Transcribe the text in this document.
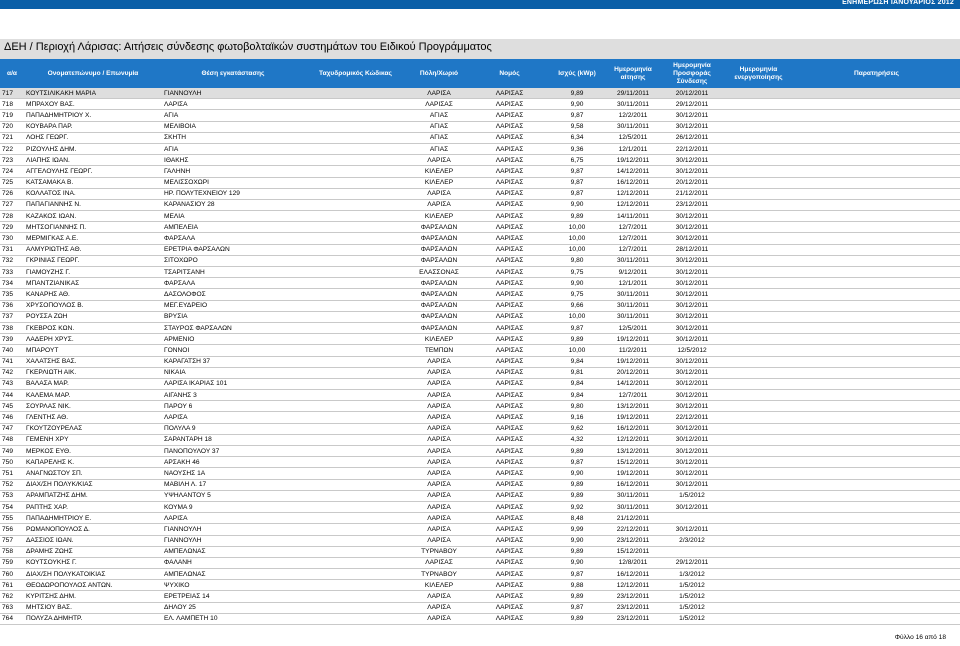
ΕΝΗΜΕΡΩΣΗ ΙΑΝΟΥΑΡΙΟΣ 2012
ΔΕΗ / Περιοχή Λάρισας: Αιτήσεις σύνδεσης φωτοβολταϊκών συστημάτων του Ειδικού Προγράμματος
α/α	Ονοματεπώνυμο / Επωνυμία	Θέση εγκατάστασης	Ταχυδρομικός Κώδικας	Πόλη/Χωριό	Νομός	Ισχύς (kWp)	Ημερομηνία αίτησης	Ημερομηνία Προσφοράς Σύνδεσης	Ημερομηνία ενεργοποίησης	Παρατηρήσεις
717	ΚΟΥΤΣΙΛΙΚΑΚΗ ΜΑΡΙΑ	ΓΙΑΝΝΟΥΛΗ		ΛΑΡΙΣΑ	ΛΑΡΙΣΑΣ	9,89	29/11/2011	20/12/2011		
718	ΜΠΡΑΧΟΥ ΒΑΣ.	ΛΑΡΙΣΑ		ΛΑΡΙΣΑΣ	ΛΑΡΙΣΑΣ	9,90	30/11/2011	29/12/2011		
719	ΠΑΠΑΔΗΜΗΤΡΙΟΥ Χ.	ΑΓΙΑ		ΑΓΙΑΣ	ΛΑΡΙΣΑΣ	9,87	12/2/2011	30/12/2011		
720	ΚΟΥΒΑΡΑ ΠΑΡ.	ΜΕΛΙΒΟΙΑ		ΑΓΙΑΣ	ΛΑΡΙΣΑΣ	9,58	30/11/2011	30/12/2011		
721	ΛΟΗΣ ΓΕΩΡΓ.	ΣΚΗΤΗ		ΑΓΙΑΣ	ΛΑΡΙΣΑΣ	6,34	12/5/2011	26/12/2011		
722	ΡΙΖΟΥΛΗΣ ΔΗΜ.	ΑΓΙΑ		ΑΓΙΑΣ	ΛΑΡΙΣΑΣ	9,36	12/1/2011	22/12/2011		
723	ΛΙΑΠΗΣ ΙΩΑΝ.	ΙΘΑΚΗΣ		ΛΑΡΙΣΑ	ΛΑΡΙΣΑΣ	6,75	19/12/2011	30/12/2011		
724	ΑΓΓΕΛΟΥΛΗΣ ΓΕΩΡΓ.	ΓΑΛΗΝΗ		ΚΙΛΕΛΕΡ	ΛΑΡΙΣΑΣ	9,87	14/12/2011	30/12/2011		
725	ΚΑΤΣΑΜΑΚΑ Β.	ΜΕΛΙΣΣΟΧΩΡΙ		ΚΙΛΕΛΕΡ	ΛΑΡΙΣΑΣ	9,87	16/12/2011	20/12/2011		
726	ΚΟΛΛΑΤΟΣ ΙΝΑ.	ΗΡ. ΠΟΛΥΤΕΧΝΕΙΟΥ 129		ΛΑΡΙΣΑ	ΛΑΡΙΣΑΣ	9,87	12/12/2011	21/12/2011		
727	ΠΑΠΑΓΙΑΝΝΗΣ Ν.	ΚΑΡΑΝΑΣΙΟΥ 28		ΛΑΡΙΣΑ	ΛΑΡΙΣΑΣ	9,90	12/12/2011	23/12/2011		
728	ΚΑΖΑΚΟΣ ΙΩΑΝ.	ΜΕΛΙΑ		ΚΙΛΕΛΕΡ	ΛΑΡΙΣΑΣ	9,89	14/11/2011	30/12/2011		
729	ΜΗΤΣΟΓΙΑΝΝΗΣ Π.	ΑΜΠΕΛΕΙΑ		ΦΑΡΣΑΛΩΝ	ΛΑΡΙΣΑΣ	10,00	12/7/2011	30/12/2011		
730	ΜΕΡΜΙΓΚΑΣ Α.Ε.	ΦΑΡΣΑΛΑ		ΦΑΡΣΑΛΩΝ	ΛΑΡΙΣΑΣ	10,00	12/7/2011	30/12/2011		
731	ΑΛΜΥΡΙΩΤΗΣ ΑΘ.	ΕΡΕΤΡΙΑ ΦΑΡΣΑΛΩΝ		ΦΑΡΣΑΛΩΝ	ΛΑΡΙΣΑΣ	10,00	12/7/2011	28/12/2011		
732	ΓΚΡΙΝΙΑΣ ΓΕΩΡΓ.	ΣΙΤΟΧΩΡΟ		ΦΑΡΣΑΛΩΝ	ΛΑΡΙΣΑΣ	9,80	30/11/2011	30/12/2011		
733	ΓΙΑΜΟΥΖΗΣ Γ.	ΤΣΑΡΙΤΣΑΝΗ		ΕΛΑΣΣΟΝΑΣ	ΛΑΡΙΣΑΣ	9,75	9/12/2011	30/12/2011		
734	ΜΠΑΝΤΖΙΑΝΙΚΑΣ	ΦΑΡΣΑΛΑ		ΦΑΡΣΑΛΩΝ	ΛΑΡΙΣΑΣ	9,90	12/1/2011	30/12/2011		
735	ΚΑΝΑΡΗΣ ΑΘ.	ΔΑΣΟΛΟΦΟΣ		ΦΑΡΣΑΛΩΝ	ΛΑΡΙΣΑΣ	9,75	30/11/2011	30/12/2011		
736	ΧΡΥΣΟΠΟΥΛΟΣ Β.	ΜΕΓ.ΕΥΔΡΕΙΟ		ΦΑΡΣΑΛΩΝ	ΛΑΡΙΣΑΣ	9,66	30/11/2011	30/12/2011		
737	ΡΟΥΣΣΑ ΖΩΗ	ΒΡΥΣΙΑ		ΦΑΡΣΑΛΩΝ	ΛΑΡΙΣΑΣ	10,00	30/11/2011	30/12/2011		
738	ΓΚΕΒΡΟΣ ΚΩΝ.	ΣΤΑΥΡΟΣ ΦΑΡΣΑΛΩΝ		ΦΑΡΣΑΛΩΝ	ΛΑΡΙΣΑΣ	9,87	12/5/2011	30/12/2011		
739	ΛΑΔΕΡΗ ΧΡΥΣ.	ΑΡΜΕΝΙΟ		ΚΙΛΕΛΕΡ	ΛΑΡΙΣΑΣ	9,89	19/12/2011	30/12/2011		
740	ΜΠΑΡΟΥΤ	ΓΟΝΝΟΙ		ΤΕΜΠΩΝ	ΛΑΡΙΣΑΣ	10,00	11/2/2011	12/5/2012		
741	ΧΑΛΑΤΣΗΣ ΒΑΣ.	ΚΑΡΑΓΑΤΣΗ 37		ΛΑΡΙΣΑ	ΛΑΡΙΣΑΣ	9,84	19/12/2011	30/12/2011		
742	ΓΚΕΡΛΙΩΤΗ ΑΙΚ.	ΝΙΚΑΙΑ		ΛΑΡΙΣΑ	ΛΑΡΙΣΑΣ	9,81	20/12/2011	30/12/2011		
743	ΒΑΛΑΣΑ ΜΑΡ.	ΛΑΡΙΣΑ ΙΚΑΡΙΑΣ 101		ΛΑΡΙΣΑ	ΛΑΡΙΣΑΣ	9,84	14/12/2011	30/12/2011		
744	ΚΑΛΕΜΑ ΜΑΡ.	ΑΙΓΑΝΗΣ 3		ΛΑΡΙΣΑ	ΛΑΡΙΣΑΣ	9,84	12/7/2011	30/12/2011		
745	ΣΟΥΡΛΑΣ ΝΙΚ.	ΠΑΡΟΥ 6		ΛΑΡΙΣΑ	ΛΑΡΙΣΑΣ	9,80	13/12/2011	30/12/2011		
746	ΓΛΕΝΤΗΣ ΑΘ.	ΛΑΡΙΣΑ		ΛΑΡΙΣΑ	ΛΑΡΙΣΑΣ	9,16	19/12/2011	22/12/2011		
747	ΓΚΟΥΤΖΟΥΡΕΛΑΣ	ΠΟΛΥΛΑ 9		ΛΑΡΙΣΑ	ΛΑΡΙΣΑΣ	9,62	16/12/2011	30/12/2011		
748	ΓΕΜΕΝΗ ΧΡΥ	ΣΑΡΑΝΤΑΡΗ 18		ΛΑΡΙΣΑ	ΛΑΡΙΣΑΣ	4,32	12/12/2011	30/12/2011		
749	ΜΕΡΚΟΣ ΕΥΘ.	ΠΑΝΟΠΟΥΛΟΥ 37		ΛΑΡΙΣΑ	ΛΑΡΙΣΑΣ	9,89	13/12/2011	30/12/2011		
750	ΚΑΠΑΡΕΛΗΣ Κ.	ΑΡΣΑΚΗ 46		ΛΑΡΙΣΑ	ΛΑΡΙΣΑΣ	9,87	15/12/2011	30/12/2011		
751	ΑΝΑΓΝΩΣΤΟΥ ΣΠ.	ΝΑΟΥΣΗΣ 1Α		ΛΑΡΙΣΑ	ΛΑΡΙΣΑΣ	9,90	19/12/2011	30/12/2011		
752	ΔΙΑΧ/ΣΗ ΠΟΛΥΚ/ΚΙΑΣ	ΜΑΒΙΛΗ Λ. 17		ΛΑΡΙΣΑ	ΛΑΡΙΣΑΣ	9,89	16/12/2011	30/12/2011		
753	ΑΡΑΜΠΑΤΖΗΣ ΔΗΜ.	ΥΨΗΛΑΝΤΟΥ 5		ΛΑΡΙΣΑ	ΛΑΡΙΣΑΣ	9,89	30/11/2011	1/5/2012		
754	ΡΑΠΤΗΣ ΧΑΡ.	ΚΟΥΜΑ 9		ΛΑΡΙΣΑ	ΛΑΡΙΣΑΣ	9,92	30/11/2011	30/12/2011		
755	ΠΑΠΑΔΗΜΗΤΡΙΟΥ Ε.	ΛΑΡΙΣΑ		ΛΑΡΙΣΑ	ΛΑΡΙΣΑΣ	8,48	21/12/2011			
756	ΡΩΜΑΝΟΠΟΥΛΟΣ Δ.	ΓΙΑΝΝΟΥΛΗ		ΛΑΡΙΣΑ	ΛΑΡΙΣΑΣ	9,99	22/12/2011	30/12/2011		
757	ΔΑΣΣΙΟΣ ΙΩΑΝ.	ΓΙΑΝΝΟΥΛΗ		ΛΑΡΙΣΑ	ΛΑΡΙΣΑΣ	9,90	23/12/2011	2/3/2012		
758	ΔΡΑΜΗΣ ΖΩΗΣ	ΑΜΠΕΛΩΝΑΣ		ΤΥΡΝΑΒΟΥ	ΛΑΡΙΣΑΣ	9,89	15/12/2011			
759	ΚΟΥΤΣΟΥΚΗΣ Γ.	ΦΑΛΑΝΗ		ΛΑΡΙΣΑΣ	ΛΑΡΙΣΑΣ	9,90	12/8/2011	29/12/2011		
760	ΔΙΑΧ/ΣΗ ΠΟΛΥΚΑΤΟΙΚΙΑΣ	ΑΜΠΕΛΩΝΑΣ		ΤΥΡΝΑΒΟΥ	ΛΑΡΙΣΑΣ	9,87	16/12/2011	1/3/2012		
761	ΘΕΟΔΩΡΟΠΟΥΛΟΣ ΑΝΤΩΝ.	ΨΥΧΙΚΟ		ΚΙΛΕΛΕΡ	ΛΑΡΙΣΑΣ	9,88	12/12/2011	1/5/2012		
762	ΚΥΡΙΤΣΗΣ ΔΗΜ.	ΕΡΕΤΡΕΙΑΣ 14		ΛΑΡΙΣΑ	ΛΑΡΙΣΑΣ	9,89	23/12/2011	1/5/2012		
763	ΜΗΤΣΙΟΥ ΒΑΣ.	ΔΗΛΟΥ 25		ΛΑΡΙΣΑ	ΛΑΡΙΣΑΣ	9,87	23/12/2011	1/5/2012		
764	ΠΟΛΥΖΑ ΔΗΜΗΤΡ.	ΕΛ. ΛΑΜΠΕΤΗ 10		ΛΑΡΙΣΑ	ΛΑΡΙΣΑΣ	9,89	23/12/2011	1/5/2012		
Φύλλο 16 από 18
